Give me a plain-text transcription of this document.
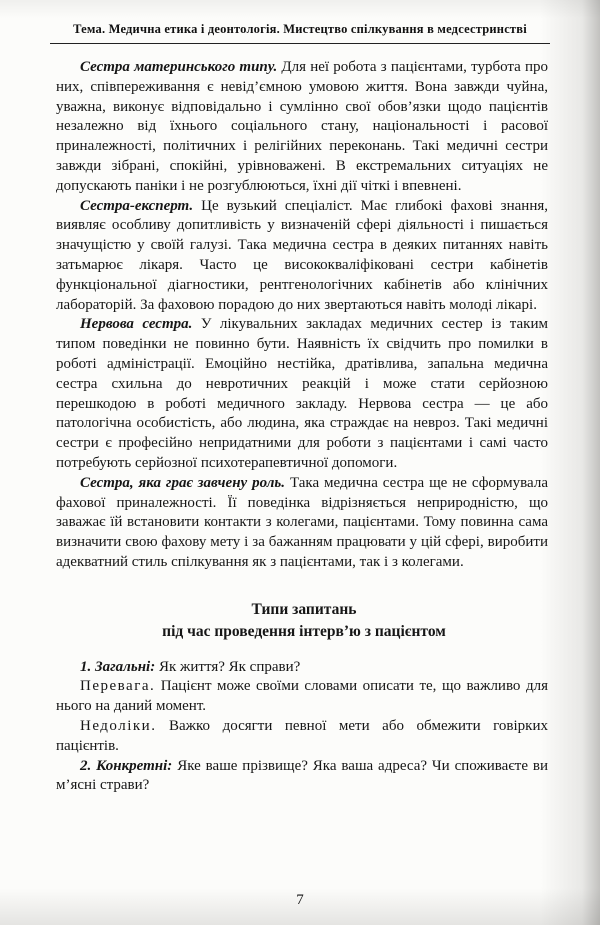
Тема. Медична етика і деонтологія. Мистецтво спілкування в медсестринстві

Сестра материнського типу. Для неї робота з пацієнтами, турбота про них, співпереживання є невід’ємною умовою життя. Вона завжди чуйна, уважна, виконує відповідально і сумлінно свої обов’язки щодо пацієнтів незалежно від їхнього соціального стану, національності і расової приналежності, політичних і релігійних переконань. Такі медичні сестри завжди зібрані, спокійні, урівноважені. В екстремальних ситуаціях не допускають паніки і не розгублюються, їхні дії чіткі і впевнені.

Сестра-експерт. Це вузький спеціаліст. Має глибокі фахові знання, виявляє особливу допитливість у визначеній сфері діяльності і пишається значущістю у своїй галузі. Така медична сестра в деяких питаннях навіть затьмарює лікаря. Часто це висококваліфіковані сестри кабінетів функціональної діагностики, рентгенологічних кабінетів або клінічних лабораторій. За фаховою порадою до них звертаються навіть молоді лікарі.

Нервова сестра. У лікувальних закладах медичних сестер із таким типом поведінки не повинно бути. Наявність їх свідчить про помилки в роботі адміністрації. Емоційно нестійка, дратівлива, запальна медична сестра схильна до невротичних реакцій і може стати серйозною перешкодою в роботі медичного закладу. Нервова сестра — це або патологічна особистість, або людина, яка страждає на невроз. Такі медичні сестри є професійно непридатними для роботи з пацієнтами і самі часто потребують серйозної психотерапевтичної допомоги.

Сестра, яка грає завчену роль. Така медична сестра ще не сформувала фахової приналежності. Її поведінка відрізняється неприродністю, що заважає їй встановити контакти з колегами, пацієнтами. Тому повинна сама визначити свою фахову мету і за бажанням працювати у цій сфері, виробити адекватний стиль спілкування як з пацієнтами, так і з колегами.

Типи запитань
під час проведення інтерв’ю з пацієнтом

1. Загальні: Як життя? Як справи?

Перевага. Пацієнт може своїми словами описати те, що важливо для нього на даний момент.

Недоліки. Важко досягти певної мети або обмежити говірких пацієнтів.

2. Конкретні: Яке ваше прізвище? Яка ваша адреса? Чи споживаєте ви м’ясні страви?

7
